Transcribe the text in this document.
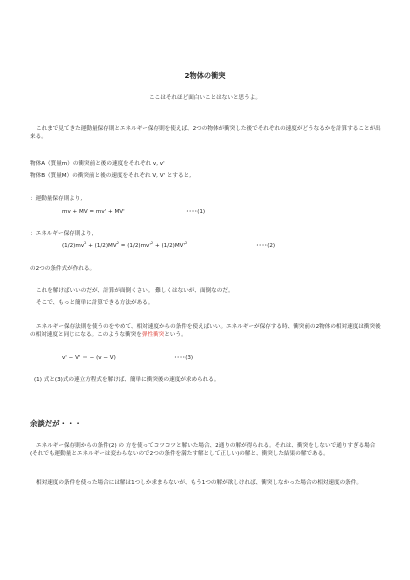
2物体の衝突
ここはそれほど面白いことはないと思うよ。
これまで見てきた運動量保存則とエネルギー保存則を使えば、2つの物体が衝突した後でそれぞれの速度がどうなるかを計算することが出来る。
物体A（質量m）の衝突前と後の速度をそれぞれ v, v'
物体B（質量M）の衝突前と後の速度をそれぞれ V, V' とすると,
：運動量保存則より,
mv + MV = mv' + MV'	････(1)
：エネルギー保存則より,
$(1/2)mv^2 + (1/2)MV^2 = (1/2)mv'^2 + (1/2)MV'^2$	････(2)
の2つの条件式が作れる。
これを解けばいいのだが、計算が面倒くさい。 難しくはないが、面倒なのだ。
そこで、もっと簡単に計算できる方法がある。
エネルギー保存法則を使うのをやめて、相対速度からの条件を使えばいい。エネルギーが保存する時、衝突前の2物体の相対速度は衝突後の相対速度と同じになる。このような衝突を弾性衝突という。
v' − V' ＝ − (v − V)	････(3)
(1) 式と(3)式の連立方程式を解けば、簡単に衝突後の速度が求められる。
余談だが・・・
エネルギー保存則からの条件(2) の 方を使ってコツコツと解いた場合、2通りの解が得られる。それは、衝突をしないで通りすぎる場合(それでも運動量とエネルギーは変わらないので2つの条件を満たす解として正しい)の解と、衝突した結果の解である。
相対速度の条件を使った場合には解は1つしか求まらないが、もう1つの解が欲しければ、衝突しなかった場合の相対速度の条件。
